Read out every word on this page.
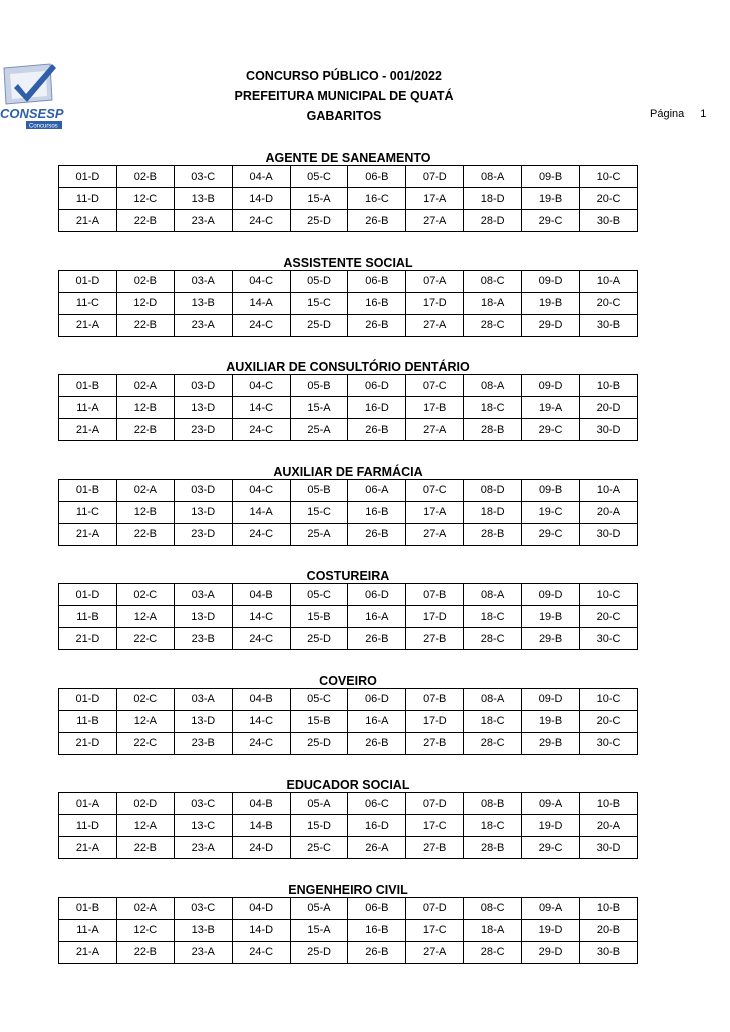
CONSESP
Concursos
CONCURSO PÚBLICO - 001/2022
PREFEITURA MUNICIPAL DE QUATÁ
GABARITOS	Página 1
AGENTE DE SANEAMENTO
01-D	02-B	03-C	04-A	05-C	06-B	07-D	08-A	09-B	10-C
11-D	12-C	13-B	14-D	15-A	16-C	17-A	18-D	19-B	20-C
21-A	22-B	23-A	24-C	25-D	26-B	27-A	28-D	29-C	30-B
ASSISTENTE SOCIAL
01-D	02-B	03-A	04-C	05-D	06-B	07-A	08-C	09-D	10-A
11-C	12-D	13-B	14-A	15-C	16-B	17-D	18-A	19-B	20-C
21-A	22-B	23-A	24-C	25-D	26-B	27-A	28-C	29-D	30-B
AUXILIAR DE CONSULTÓRIO DENTÁRIO
01-B	02-A	03-D	04-C	05-B	06-D	07-C	08-A	09-D	10-B
11-A	12-B	13-D	14-C	15-A	16-D	17-B	18-C	19-A	20-D
21-A	22-B	23-D	24-C	25-A	26-B	27-A	28-B	29-C	30-D
AUXILIAR DE FARMÁCIA
01-B	02-A	03-D	04-C	05-B	06-A	07-C	08-D	09-B	10-A
11-C	12-B	13-D	14-A	15-C	16-B	17-A	18-D	19-C	20-A
21-A	22-B	23-D	24-C	25-A	26-B	27-A	28-B	29-C	30-D
COSTUREIRA
01-D	02-C	03-A	04-B	05-C	06-D	07-B	08-A	09-D	10-C
11-B	12-A	13-D	14-C	15-B	16-A	17-D	18-C	19-B	20-C
21-D	22-C	23-B	24-C	25-D	26-B	27-B	28-C	29-B	30-C
COVEIRO
01-D	02-C	03-A	04-B	05-C	06-D	07-B	08-A	09-D	10-C
11-B	12-A	13-D	14-C	15-B	16-A	17-D	18-C	19-B	20-C
21-D	22-C	23-B	24-C	25-D	26-B	27-B	28-C	29-B	30-C
EDUCADOR SOCIAL
01-A	02-D	03-C	04-B	05-A	06-C	07-D	08-B	09-A	10-B
11-D	12-A	13-C	14-B	15-D	16-D	17-C	18-C	19-D	20-A
21-A	22-B	23-A	24-D	25-C	26-A	27-B	28-B	29-C	30-D
ENGENHEIRO CIVIL
01-B	02-A	03-C	04-D	05-A	06-B	07-D	08-C	09-A	10-B
11-A	12-C	13-B	14-D	15-A	16-B	17-C	18-A	19-D	20-B
21-A	22-B	23-A	24-C	25-D	26-B	27-A	28-C	29-D	30-B
